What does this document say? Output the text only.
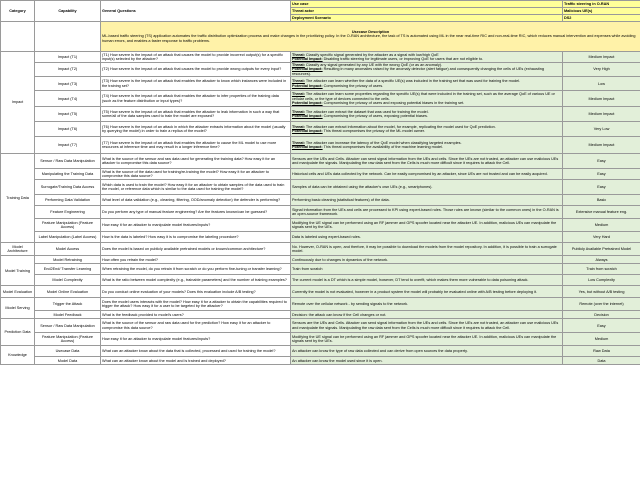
Category	Capability	General Questions	Use case	Traffic steering in O-RAN
			Threat actor	Malicious UE(s)
			Deployment Scenario	DS2

		Usecase Description
ML-based traffic steering (TS) application automates the traffic distribution optimization process and make changes in the prioritizing policy. In the O-RAN architecture, the task of TS is automated using ML in the near real-time RIC and non-real-time RIC, which reduces manual intervention and expenses while avoiding human errors, and enables a faster response to traffic problems.		
Impact	Impact (T1)	(T1) How severe is the impact of an attack that causes the model to provide incorrect output(s) for a specific input(s) selected by the attacker?	Threat: Classify specific signal generated by the attacker as a signal with low/high QoE
Potential Impact: Disabling traffic steering for legitimate users, or improving QoE for users that are not eligible to.	Medium Impact
	Impact (T2)	(T2) How severe is the impact of an attack that causes the model to provide wrong outputs for every input?	Threat: Classify any signal generated by any UE with the wrong QoE (or as an anomaly).
Potential Impact: Resulting in many anomalies raised by the anomaly detector (alert fatigue) and consequently changing the cells of UEs (exhausting resources).	Very High
	Impact (T3)	(T3) How severe is the impact of an attack that enables the attacker to know which instances were included in the training set?	Threat: The attacker can learn whether the data of a specific UE(s) was included in the training set that was used for training the model.
Potential Impact: Compromising the privacy of users.	Low
	Impact (T4)	(T4) How severe is the impact of an attack that enables the attacker to infer properties of the training data (such as the feature distribution or input types)?	Threat: The attacker can learn some properties regarding the specific UE(s) that were included in the training set, such as the average QoE of various UE or cellular cells, or the type of devices connected to the cells.
Potential Impact: Compromising the privacy of users and exposing potential biases in the training set.	Medium Impact
	Impact (T5)	(T5) How severe is the impact of an attack that enables the attacker to leak information in such a way that some/all of the data samples used to train the model are exposed?	Threat: The attacker can extract the dataset that was used for training the model.
Potential Impact: Compromising the privacy of users, exposing potential biases.	Medium Impact
	Impact (T6)	(T6) How severe is the impact of an attack in which the attacker extracts information about the model (usually by querying the model) in order to train a replica of the model?	Threat: The attacker can extract information about the model, for example, replicating the model used for QoE prediction.
Potential Impact: This threat compromises the privacy of the ML model owner.	Very Low
	Impact (T7)	(T7) How severe is the impact of an attack that enables the attacker to cause the ML model to use more resources at inference time and may result in a longer inference time?	Threat: The attacker can increase the latency of the QoE model when classifying targeted examples.
Potential Impact: This threat compromises the availability of the machine learning model.	Medium Impact
Training Data	Sensor / Raw Data Manipulation	What is the source of the sensor and raw data used for generating the training data? How easy it for an attacker to compromise this data source?	Sensors are the UEs and Cells. Attacker can send signal information from the UEs and cells. Since the UEs are not trusted, an attacker can use malicious UEs and manipulate the signals. Manipulating the raw data sent from the Cells is much more difficult since it requires to attack the Cell.	Easy
	Manipulating the Training Data	What is the source of the data used for training/re-training the model? How easy it for an attacker to compromise this data source?	Historical cells and UEs data collected by the network. Can be easily compromised by an attacker, since UEs are not trusted and can be easily acquired.	Easy
	Surrogate/Training Data Access	Which data is used to train the model? How easy it for an attacker to obtain samples of the data used to train the model, or reference data which is similar to the data used for training the model?	Samples of data can be obtained using the attacker's own UEs (e.g., smartphones).	Easy
	Performing Data Validation	What level of data validation (e.g., cleaning, filtering, OOD/anomaly detection) the defender is performing?	Performing basic cleaning (statistical features) of the data.	Basic
	Feature Engineering	Do you perform any type of manual feature engineering? Are the features known/can be guessed?	Signal information from the UEs and cells are processed to KPI using expert-based rules. Those rules are known (similar to the common ones) in the O-RAN is an open-source framework.	Extensive manual feature eng.
	Feature Manipulation (Feature Access)	How easy it for an attacker to manipulate model features/inputs?	Modifying the UE signal can be performed using an RF jammer and GPS spoofer located near the attacker UE. In addition, malicious UEs can manipulate the signals sent by the UEs.	Medium
	Label Manipulation (Label Access)	How is the data is labeled? How easy it is to compromise the labeling procedure?	Data is labeled using expert-based rules.	Very Hard
Model Architecture	Model Access	Does the model is based on publicly available pretrained models or known/common architecture?	No. However, O-RAN is open, and therfore, it may be possible to download the models from the model repository. In addition, it is possible to train a surrogate model.	Publicly Available Pretrained Model
Model Training	Model Retraining	How often you retrain the model?	Continuously due to changes in dynamics of the network.	Always
	End2End/ Transfer Learning	When retraining the model, do you retrain it from scratch or do you perform fine-tuning or transfer learning?	Train from scratch	Train from scratch
	Model Complexity	What is the ratio between model complexity (e.g., trainable parameters) and the number of training examples?	The current model is a DT which is a simple model, however, DT tend to overfit, which makes them more vulnerable to data poisoning attack.	Low Complexity
Model Evaluation	Model Online Evaluation	Do you conduct online evaluation of your models? Does this evaluation include A/B testing?	Currently the model is not evaluated, however in a product system the model will probably be evaluated online with A/B testing before deploying it.	Yes, but without A/B testing
Model Serving	Trigger the Attack	Does the model users interacts with the model? How easy it for a attacker to obtain the capabilities required to trigger the attack? How easy it for a user to be targeted by the attacker?	Remote over the cellular network - by sending signals to the network.	Remote (over the internet)
	Model Feedback	What is the feedback provided to model's users?	Decision: the attack can know if the Cell changes or not.	Decision
Prediction Data	Sensor / Raw Data Manipulation	What is the source of the sensor and raw data used for the prediction? How easy it for an attacker to compromise this data source?	Sensors are the UEs and Cells. Attacker can send signal information from the UEs and cells. Since the UEs are not trusted, an attacker can use malicious UEs and manipulate the signals. Manipulating the raw data sent from the Cells is much more difficult since it requires to attack the Cell.	Easy
	Feature Manipulation (Feature Access)	How easy it for an attacker to manipulate model features/inputs?	Modifying the UE signal can be performed using an RF jammer and GPS spoofer located near the attacker UE. In addition, malicious UEs can manipulate the signals sent by the UEs.	Medium
Knowledge	Usecase Data	What can an attacker know about the data that is collected, processed and used for training the model?	An attacker can know the type of raw data collected and can derive from open sources the data property.	Raw Data
	Model Data	What can an attacker know about the model and is trained and deployed?	An attacker can know the model used since it is open.	Data
